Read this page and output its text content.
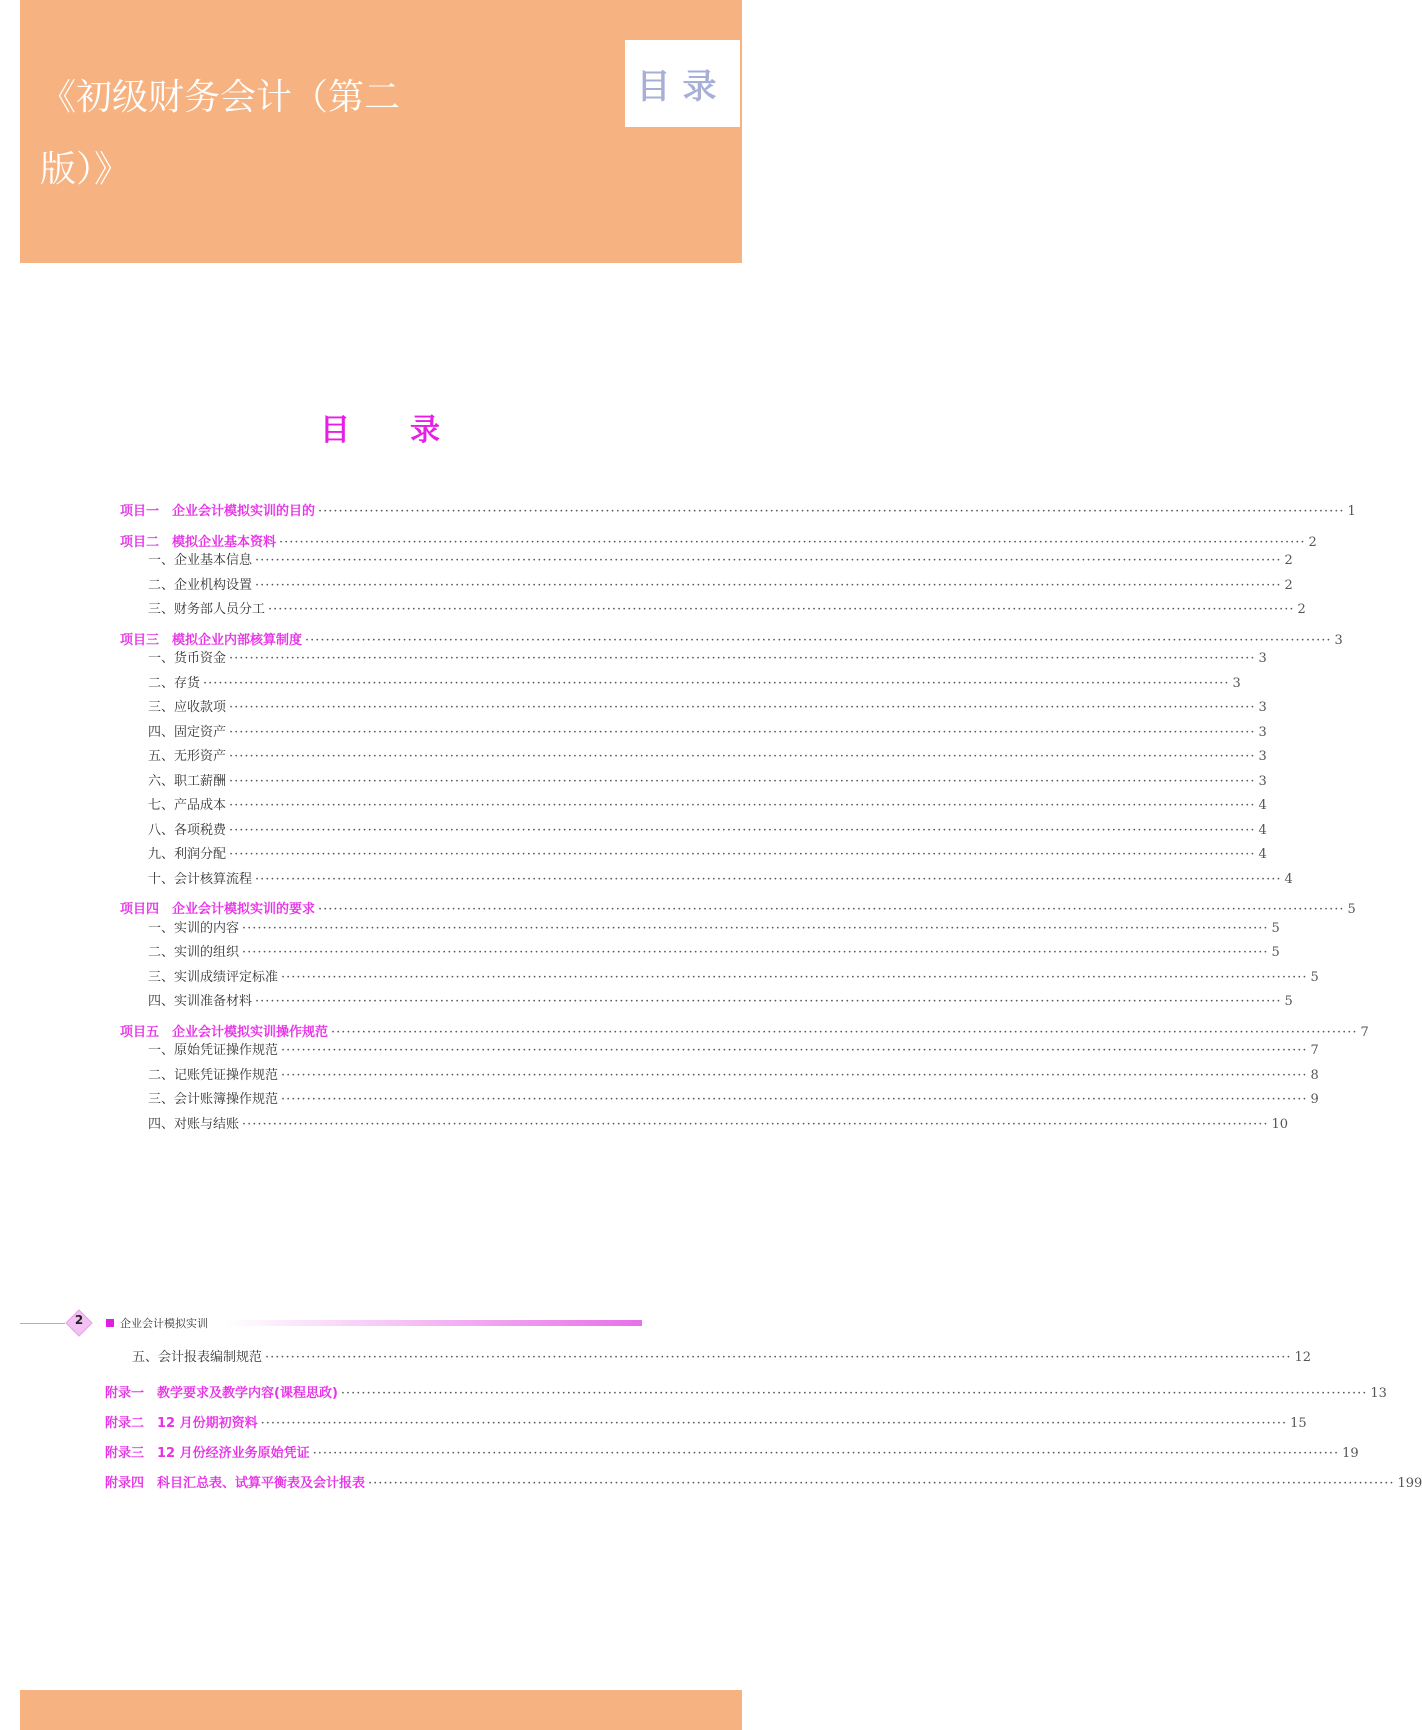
《初级财务会计（第二版）》
目录
目录
项目一　企业会计模拟实训的目的 ········································································································································································································ 1
项目二　模拟企业基本资料 ········································································································································································································ 2
一、企业基本信息 ········································································································································································································ 2
二、企业机构设置 ········································································································································································································ 2
三、财务部人员分工 ········································································································································································································ 2
项目三　模拟企业内部核算制度 ········································································································································································································ 3
一、货币资金 ········································································································································································································ 3
二、存货 ········································································································································································································ 3
三、应收款项 ········································································································································································································ 3
四、固定资产 ········································································································································································································ 3
五、无形资产 ········································································································································································································ 3
六、职工薪酬 ········································································································································································································ 3
七、产品成本 ········································································································································································································ 4
八、各项税费 ········································································································································································································ 4
九、利润分配 ········································································································································································································ 4
十、会计核算流程 ········································································································································································································ 4
项目四　企业会计模拟实训的要求 ········································································································································································································ 5
一、实训的内容 ········································································································································································································ 5
二、实训的组织 ········································································································································································································ 5
三、实训成绩评定标准 ········································································································································································································ 5
四、实训准备材料 ········································································································································································································ 5
项目五　企业会计模拟实训操作规范 ········································································································································································································ 7
一、原始凭证操作规范 ········································································································································································································ 7
二、记账凭证操作规范 ········································································································································································································ 8
三、会计账簿操作规范 ········································································································································································································ 9
四、对账与结账 ········································································································································································································ 10
2	企业会计模拟实训
五、会计报表编制规范 ········································································································································································································ 12
附录一　教学要求及教学内容(课程思政) ········································································································································································································ 13
附录二　12 月份期初资料 ········································································································································································································ 15
附录三　12 月份经济业务原始凭证 ········································································································································································································ 19
附录四　科目汇总表、试算平衡表及会计报表 ········································································································································································································ 199
